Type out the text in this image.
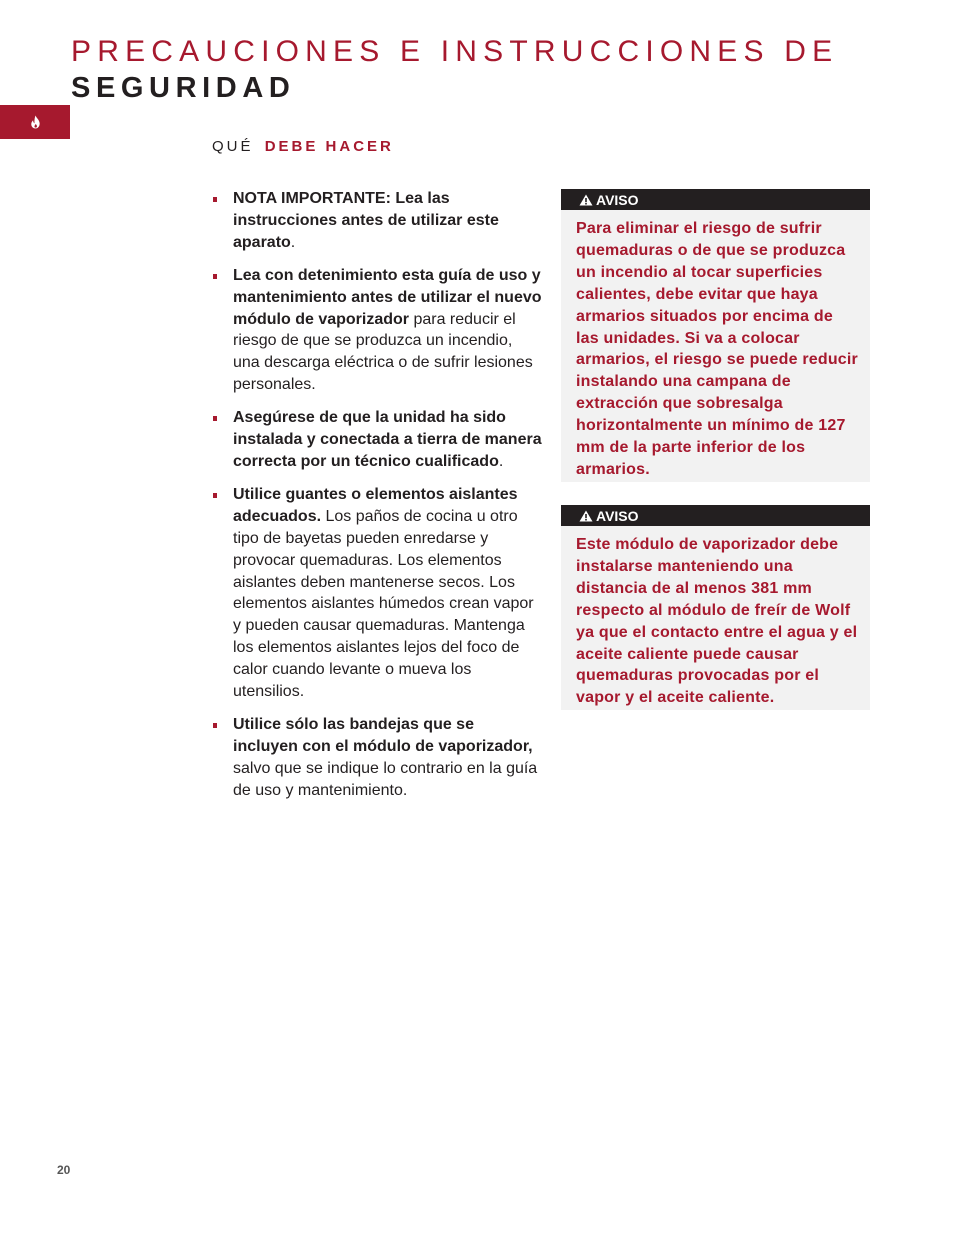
PRECAUCIONES E INSTRUCCIONES DE
SEGURIDAD
QUÉ DEBE HACER
NOTA IMPORTANTE: Lea las instrucciones antes de utilizar este aparato.
Lea con detenimiento esta guía de uso y mantenimiento antes de utilizar el nuevo módulo de vaporizador para reducir el riesgo de que se produzca un incendio, una descarga eléctrica o de sufrir lesiones personales.
Asegúrese de que la unidad ha sido instalada y conectada a tierra de manera correcta por un técnico cualificado.
Utilice guantes o elementos aislantes adecuados. Los paños de cocina u otro tipo de bayetas pueden enredarse y provocar quemaduras. Los elementos aislantes deben mantenerse secos. Los elementos aislantes húmedos crean vapor y pueden causar quemaduras. Mantenga los elementos aislantes lejos del foco de calor cuando levante o mueva los utensilios.
Utilice sólo las bandejas que se incluyen con el módulo de vaporizador, salvo que se indique lo contrario en la guía de uso y mantenimiento.
AVISO

Para eliminar el riesgo de sufrir quemaduras o de que se produzca un incendio al tocar superficies calientes, debe evitar que haya armarios situados por encima de las unidades. Si va a colocar armarios, el riesgo se puede reducir instalando una campana de extracción que sobresalga horizontalmente un mínimo de 127 mm de la parte inferior de los armarios.

AVISO

Este módulo de vaporizador debe instalarse manteniendo una distancia de al menos 381 mm respecto al módulo de freír de Wolf ya que el contacto entre el agua y el aceite caliente puede causar quemaduras provocadas por el vapor y el aceite caliente.

20
